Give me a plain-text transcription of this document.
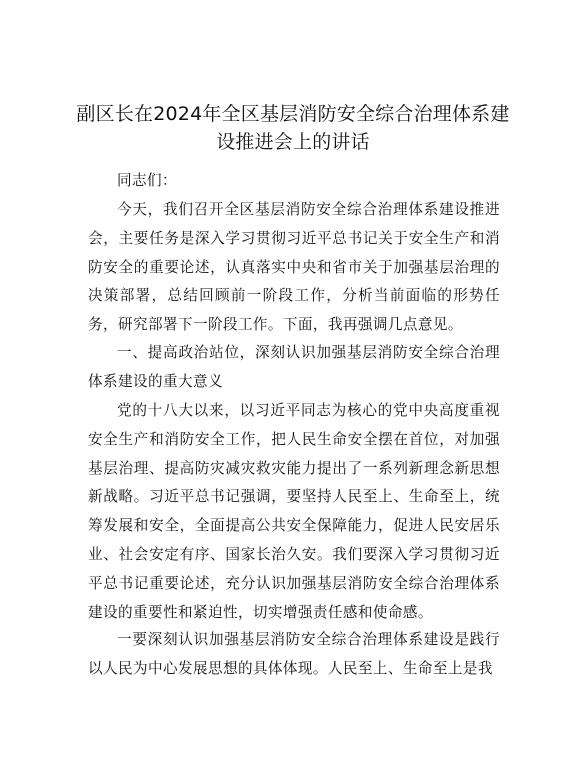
副区长在2024年全区基层消防安全综合治理体系建设推进会上的讲话
同志们：
今天，我们召开全区基层消防安全综合治理体系建设推进会，主要任务是深入学习贯彻习近平总书记关于安全生产和消防安全的重要论述，认真落实中央和省市关于加强基层治理的决策部署，总结回顾前一阶段工作，分析当前面临的形势任务，研究部署下一阶段工作。下面，我再强调几点意见。
一、提高政治站位，深刻认识加强基层消防安全综合治理体系建设的重大意义
党的十八大以来，以习近平同志为核心的党中央高度重视安全生产和消防安全工作，把人民生命安全摆在首位，对加强基层治理、提高防灾减灾救灾能力提出了一系列新理念新思想新战略。习近平总书记强调，要坚持人民至上、生命至上，统筹发展和安全，全面提高公共安全保障能力，促进人民安居乐业、社会安定有序、国家长治久安。我们要深入学习贯彻习近平总书记重要论述，充分认识加强基层消防安全综合治理体系建设的重要性和紧迫性，切实增强责任感和使命感。
一要深刻认识加强基层消防安全综合治理体系建设是践行以人民为中心发展思想的具体体现。人民至上、生命至上是我
